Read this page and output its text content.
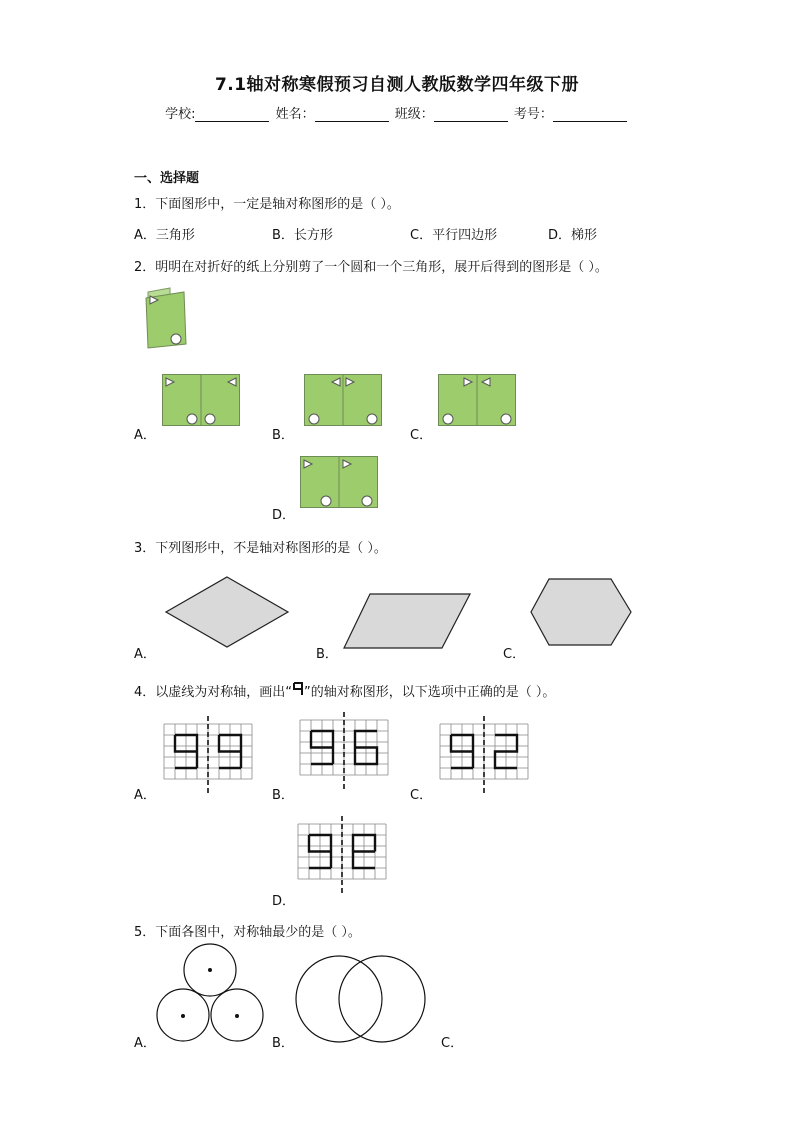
7.1轴对称寒假预习自测人教版数学四年级下册
学校:	姓名：	班级：	考号：
一、选择题
1．下面图形中，一定是轴对称图形的是（ ）。
A．三角形	B．长方形	C．平行四边形	D．梯形
2．明明在对折好的纸上分别剪了一个圆和一个三角形，展开后得到的图形是（ ）。
A．	B．	C．
D．
3．下列图形中，不是轴对称图形的是（ ）。
A．	B．	C．
4．以虚线为对称轴，画出“ ”的轴对称图形，以下选项中正确的是（ ）。
A．	B．	C．
D．
5．下面各图中，对称轴最少的是（ ）。
A．	B．	C．
